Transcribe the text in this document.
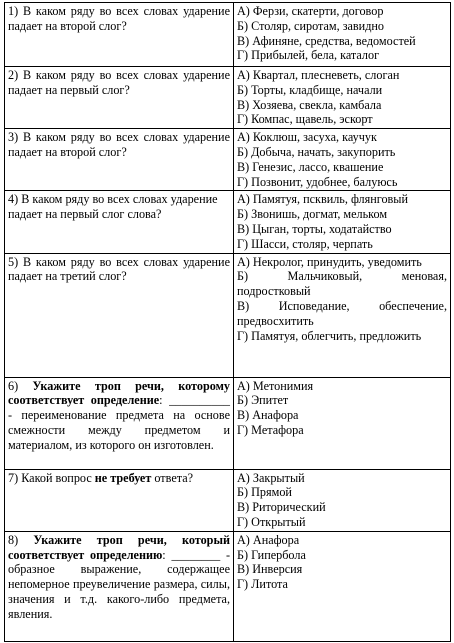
1) В каком ряду во всех словах ударение падает на второй слог?	А) Ферзи, скатерти, договор
Б) Столяр, сиротам, завидно
В) Афиняне, средства, ведомостей
Г) Прибылей, бела, каталог

2) В каком ряду во всех словах ударение падает на первый слог?	А) Квартал, плесневеть, слоган
Б) Торты, кладбище, начали
В) Хозяева, свекла, камбала
Г) Компас, щавель, эскорт

3) В каком ряду во всех словах ударение падает на второй слог?	А) Коклюш, засуха, каучук
Б) Добыча, начать, закупорить
В) Генезис, лассо, квашение
Г) Позвонит, удобнее, балуюсь

4) В каком ряду во всех словах ударение падает на первый слог слова?	А) Памятуя, псквиль, флянговый
Б) Звонишь, догмат, мельком
В) Цыган, торты, ходатайство
Г) Шасси, столяр, черпать

5) В каком ряду во всех словах ударение падает на третий слог?	А) Некролог, принудить, уведомить
Б) Мальчиковый, меновая, подростковый
В) Исповедание, обеспечение, предвосхитить
Г) Памятуя, облегчить, предложить

6) Укажите троп речи, которому соответствует определение: __________ - переименование предмета на основе смежности между предметом и материалом, из которого он изготовлен.	А) Метонимия
Б) Эпитет
В) Анафора
Г) Метафора

7) Какой вопрос не требует ответа?	А) Закрытый
Б) Прямой
В) Риторический
Г) Открытый

8) Укажите троп речи, который соответствует определению: ________ - образное выражение, содержащее непомерное преувеличение размера, силы, значения и т.д. какого-либо предмета, явления.	А) Анафора
Б) Гипербола
В) Инверсия
Г) Литота
